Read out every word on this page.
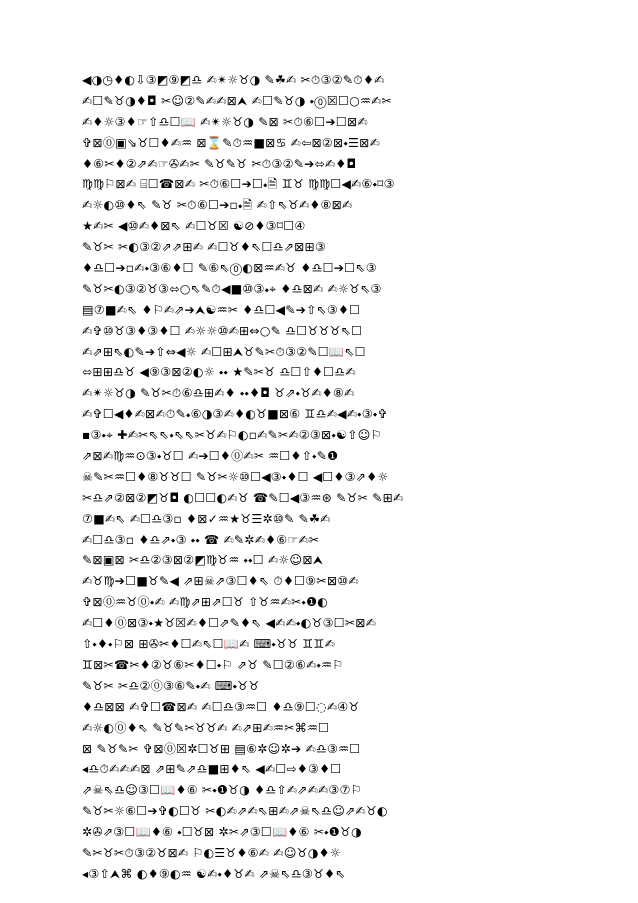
◀◑◷♦◐⇩③◩⑨◩♎ ✍✴☼♉◑ ✎☘✍ ✂⏱③②✎⏱♦✍
✍☐✎♉◑♦◘ ✂☺②✎✍✍⊠⮝ ✍☐✎♉◑ ⬩⓪☒☐○♒✍✂
✍♦☼③♦☞⇧♎☐📖 ✍✴☼♉◑ ✎⊠ ✂⏱⑥☐➔☐⊠✍
✞⊠⓪▣⇘♉☐♦✍♒ ⊠⌛✎⏱♒■⊠♋ ✍⇦⊠②⊠⬩☰⊠✍
♦⑥✂♦②⇗✍☞✇✍✂ ✎♉✎♉ ✂⏱③②✎➔⬄✍♦◘
♍♍⚐⊠✍ ⌸☐☎⊠✍ ✂⏱⑥☐➔☐⬩🗎 ♊♉ ♍♍☐◀✍⑥⬩⌑③
✍☼◐⑩♦⇖ ✎♉ ✂⏱⑥☐➔▫⬩🗎 ✍⇧⇖♉✍♦⑧⊠✍
★✍✂ ◀⑩✍♦⊠⇖ ✍☐♉☒ ☯⊘♦③⌑☐④
✎♉✂ ✂◐③②⇗⇗⊞✍ ✍☐♉♦⇖☐♎⇗⊠⊞③
♦♎☐➔▫✍⬩③⑥♦☐ ✎⑥⇖⓪◐⊠♒✍♉ ♦♎☐➔☐⇖③
✎♉✂◐③②♉③⬄○⇖✎⏱◀■⑩③⬩⌖ ♦♎⊠✍ ✍☼♉⇖③
▤⑦■✍⇖ ♦⚐✍⇗➔⮝☯♒✂ ♦♎☐◀✎➔⇧⇖③♦☐
✍✞⑩♉③♦③♦☐ ✍☼☼⑩✍⊞⇔○✎ ♎☐♉♉♉⇖☐
✍⇗⊞⇖◐✎➔⇧⇔◀☼ ✍☐⊞⮝♉✎✂⏱③②✎☐📖⇖☐
⬄⊞⊞♎♉ ◀⑨③⊠②◐☼ ⬩⬩ ★✎✂♉ ♎☐⇧♦☐♎✍
✍✴☼♉◑ ✎♉✂⏱⑥♎⊞✍♦ ⬩⬩♦◘ ♉⇗⬩♉✍♦⑧✍
✍✞☐◀♦✍⊠✍⏱✎⬩⑥◑③✍♦◐♉■⊠⑥ ♊♎✍◀✍⬩③⬩✞
▪③⬩⌖ ✚✍✂⇖⇖⬩⇖⇖✂♉✍⚐◐▫✍✎✂✍②③⊠⬩☯⇧☺⚐
⇗⊠✍♍♒⊙③⬩♉☐ ✍➔☐♦⓪✍✂ ♒☐♦⇧⬩✎❶
☠✎✂♒☐♦⑧♉♉☐ ✎♉✂☼⑩☐◀③⬩♦☐ ◀☐♦③⇗♦☼
✂♎⇗②⊠②◩♉◘ ◐☐☐◐✍♉ ☎✎☐◀③♒⊛ ✎♉✂ ✎⊞✍
⑦■✍⇖ ✍☐♎③▫ ♦⊠✓♒★♉☰✲⑩✎ ✎☘✍
✍☐♎③▫ ♦♎⇗⬩③ ⬩⬩ ☎ ✍✎✲✍♦⑥☞✍✂
✎⊠▣⊠ ✂♎②③⊠②◩♍♉♒ ⬩⬩☐ ✍☼☺⊠⮝
✍♉♍➔☐■♉✎◀ ⇗⊞☠⇗③☐♦⇖ ⏱♦☐⑨✂⊠⑩✍
✞⊠⓪♒♉⓪⬩✍ ✍♍⇗⊞⇗☐♉ ⇧♉♒✍✂⬩❶◐
✍☐♦⓪⊠③⬩★♉☒✍♦☐⇗✎♦⇖ ◀✍✍⬩◐♉③☐✂⊠✍
⇧⬩♦⬩⚐⊠ ⊞✇✂♦☐✍⇖☐📖✍ ⌨⬩♉♉ ♊♊✍
♊⊠✂☎✂♦②♉⑥✂♦☐⬩⚐ ⇗♉ ✎☐②⑥✍⬩♒⚐
✎♉✂ ✂♎②⓪③⑥✎⬩✍ ⌨⬩♉♉
♦♎⊠⊠ ✍✞☐☎⊠✍ ✍☐♎③♒☐ ♦♎⑨☐◌✍④♉
✍☼◐⓪♦⇖ ✎♉✎✂♉♉✍ ✍⇗⊞✍♒✂⌘♒☐
⊠ ✎♉✎✂ ✞⊠⓪☒✲☐♉⊞ ▤⑥✲☺✲➔ ✍♎③♒☐
◂♎⏱✍✍✍⊠ ⇗⊞✎⇗♎■⊞♦⇖ ◀✍☐⇨♦③♦☐
⇗☠⇖♎☺③☐📖♦⑥ ✂⬩❶♉◑ ♦♎⇧✍⇗✍✍③⑦⚐
✎♉✂☼⑥☐➔✞◐☐♉ ✂◐✍⇗✍⇖⊞✍⇗☠⇖♎☺⇗✍♉◐
✲✇⇗③☐📖♦⑥ ⬩☐♉⊠ ✲✂⇗③☐📖♦⑥ ✂⬩❶♉◑
✎✂♉✂⏱③②♉⊠✍ ⚐◐☰♉♦⑥✍ ✍☺♉◑♦☼
◂③⇧⮝⌘ ◐♦⑨◐♒ ☯✍⬩♦♉✍ ⇗☠⇖♎③♉♦⇖
